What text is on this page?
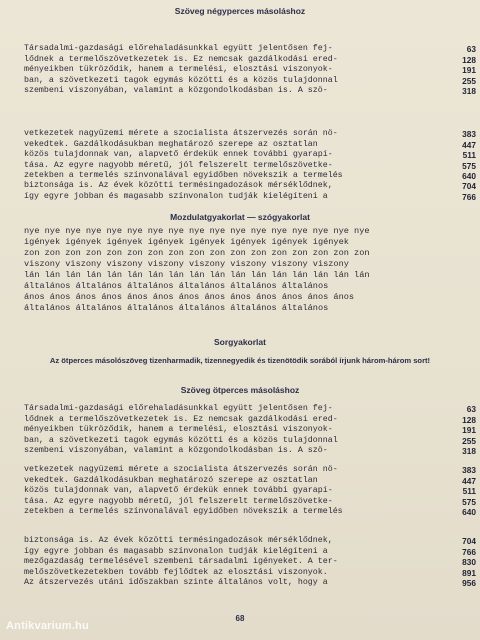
Szöveg négyperces másoláshoz
Társadalmi-gazdasági előrehaladásunkkal együtt jelentősen fej-	63
lődnek a termelőszövetkezetek is. Ez nemcsak gazdálkodási ered-	128
ményeikben tükröződik, hanem a termelési, elosztási viszonyok-	191
ban, a szövetkezeti tagok egymás közötti és a közös tulajdonnal	255
szembeni viszonyában, valamint a közgondolkodásban is. A szö-	318
vetkezetek nagyüzemi mérete a szocialista átszervezés során nö-	383
vekedtek. Gazdálkodásukban meghatározó szerepe az osztatlan	447
közös tulajdonnak van, alapvető érdekük ennek további gyarapí-	511
tása. Az egyre nagyobb méretű, jól felszerelt termelőszövetke-	575
zetekben a termelés színvonalával egyidőben növekszik a termelés	640
biztonsága is. Az évek közötti termésingadozások mérséklődnek,	704
így egyre jobban és magasabb színvonalon tudják kielégíteni a	766
Mozdulatgyakorlat — szógyakorlat
nye nye nye nye nye nye nye nye nye nye nye nye nye nye nye nye nye
igények igények igények igények igények igények igények igények
zon zon zon zon zon zon zon zon zon zon zon zon zon zon zon zon zon
viszony viszony viszony viszony viszony viszony viszony viszony
lán lán lán lán lán lán lán lán lán lán lán lán lán lán lán lán lán
általános általános általános általános általános általános
ános ános ános ános ános ános ános ános ános ános ános ános ános
általános általános általános általános általános általános
Sorgyakorlat
Az ötperces másolószöveg tizenharmadik, tizennegyedik és tizenötödik sorából írjunk három-három sort!
Szöveg ötperces másoláshoz
Társadalmi-gazdasági előrehaladásunkkal együtt jelentősen fej-	63
lődnek a termelőszövetkezetek is. Ez nemcsak gazdálkodási ered-	128
ményeikben tükröződik, hanem a termelési, elosztási viszonyok-	191
ban, a szövetkezeti tagok egymás közötti és a közös tulajdonnal	255
szembeni viszonyában, valamint a közgondolkodásban is. A szö-	318
vetkezetek nagyüzemi mérete a szocialista átszervezés során nö-	383
vekedtek. Gazdálkodásukban meghatározó szerepe az osztatlan	447
közös tulajdonnak van, alapvető érdekük ennek további gyarapí-	511
tása. Az egyre nagyobb méretű, jól felszerelt termelőszövetke-	575
zetekben a termelés színvonalával egyidőben növekszik a termelés	640
biztonsága is. Az évek közötti termésingadozások mérséklődnek,	704
így egyre jobban és magasabb színvonalon tudják kielégíteni a	766
mezőgazdaság termelésével szembeni társadalmi igényeket. A ter-	830
melőszövetkezetekben tovább fejlődtek az elosztási viszonyok.	891
Az átszervezés utáni időszakban szinte általános volt, hogy a	956
68
Antikvarium.hu
